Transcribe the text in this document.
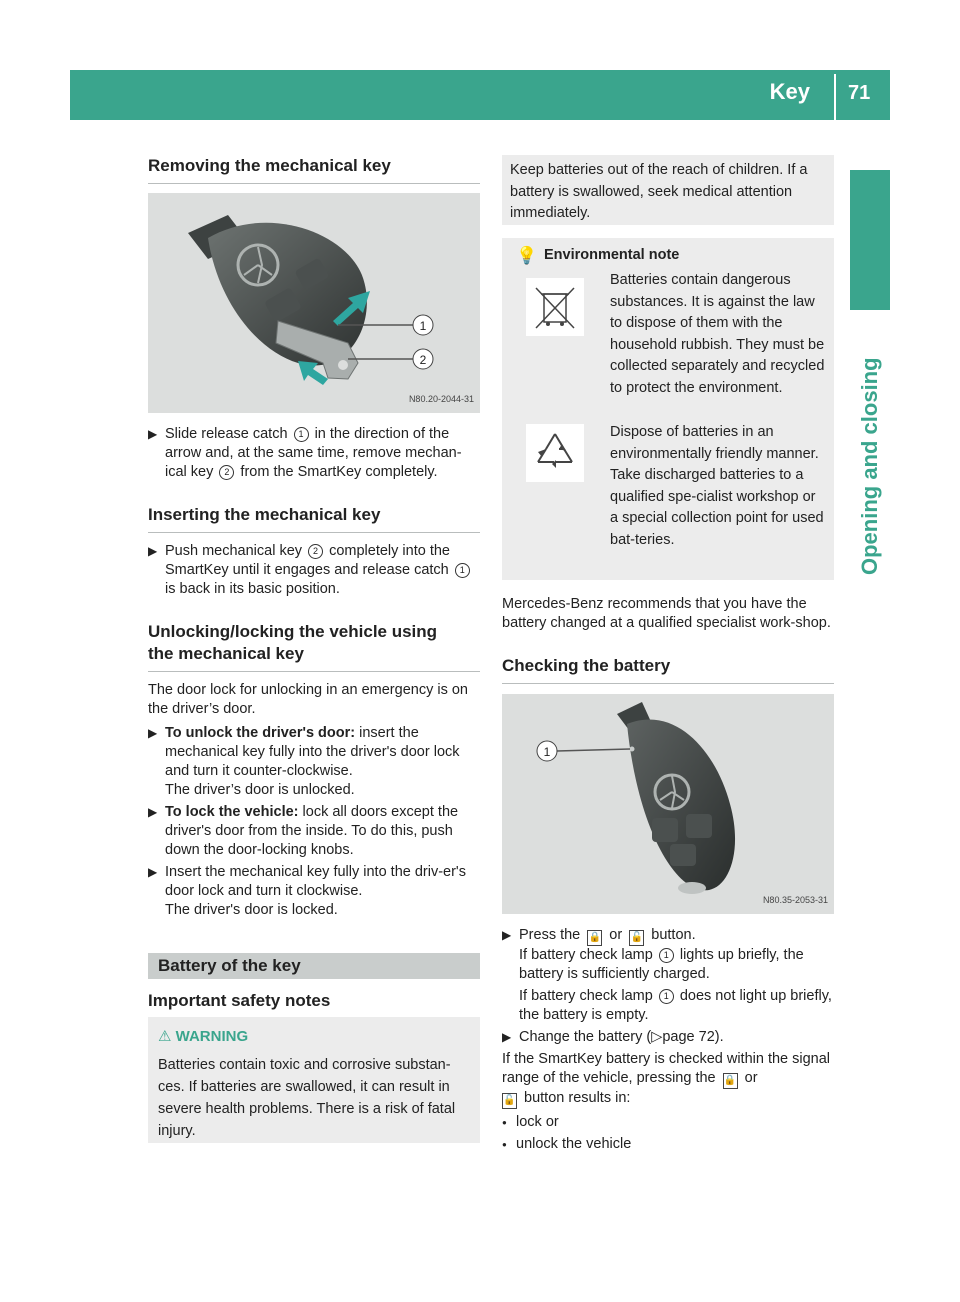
Key 71
Opening and closing
Removing the mechanical key
1
2
N80.20-2044-31
▶ Slide release catch 1 in the direction of the arrow and, at the same time, remove mechan-ical key 2 from the SmartKey completely.
Inserting the mechanical key
▶ Push mechanical key 2 completely into the SmartKey until it engages and release catch 1 is back in its basic position.
Unlocking/locking the vehicle using
the mechanical key

The door lock for unlocking in an emergency is on the driver’s door.

▶ To unlock the driver's door: insert the mechanical key fully into the driver's door lock and turn it counter-clockwise.
The driver’s door is unlocked.
▶ To lock the vehicle: lock all doors except the driver's door from the inside. To do this, push down the door-locking knobs.
▶ Insert the mechanical key fully into the driv-er's door lock and turn it clockwise.
The driver's door is locked.
Battery of the key
Important safety notes
⚠ WARNING
Batteries contain toxic and corrosive substan-ces. If batteries are swallowed, it can result in severe health problems. There is a risk of fatal injury.
Keep batteries out of the reach of children. If a battery is swallowed, seek medical attention immediately.
💡 Environmental note
Batteries contain dangerous substances. It is against the law to dispose of them with the household rubbish. They must be collected separately and recycled to protect the environment.
Dispose of batteries in an environmentally friendly manner. Take discharged batteries to a qualified spe-cialist workshop or a special collection point for used bat-teries.

Mercedes-Benz recommends that you have the battery changed at a qualified specialist work-shop.

Checking the battery
1
N80.35-2053-31
▶ Press the 🔒 or 🔓 button.
If battery check lamp 1 lights up briefly, the battery is sufficiently charged.
If battery check lamp 1 does not light up briefly, the battery is empty.
▶ Change the battery (▷page 72).

If the SmartKey battery is checked within the signal range of the vehicle, pressing the 🔒 or
🔓 button results in:

● lock or
● unlock the vehicle
